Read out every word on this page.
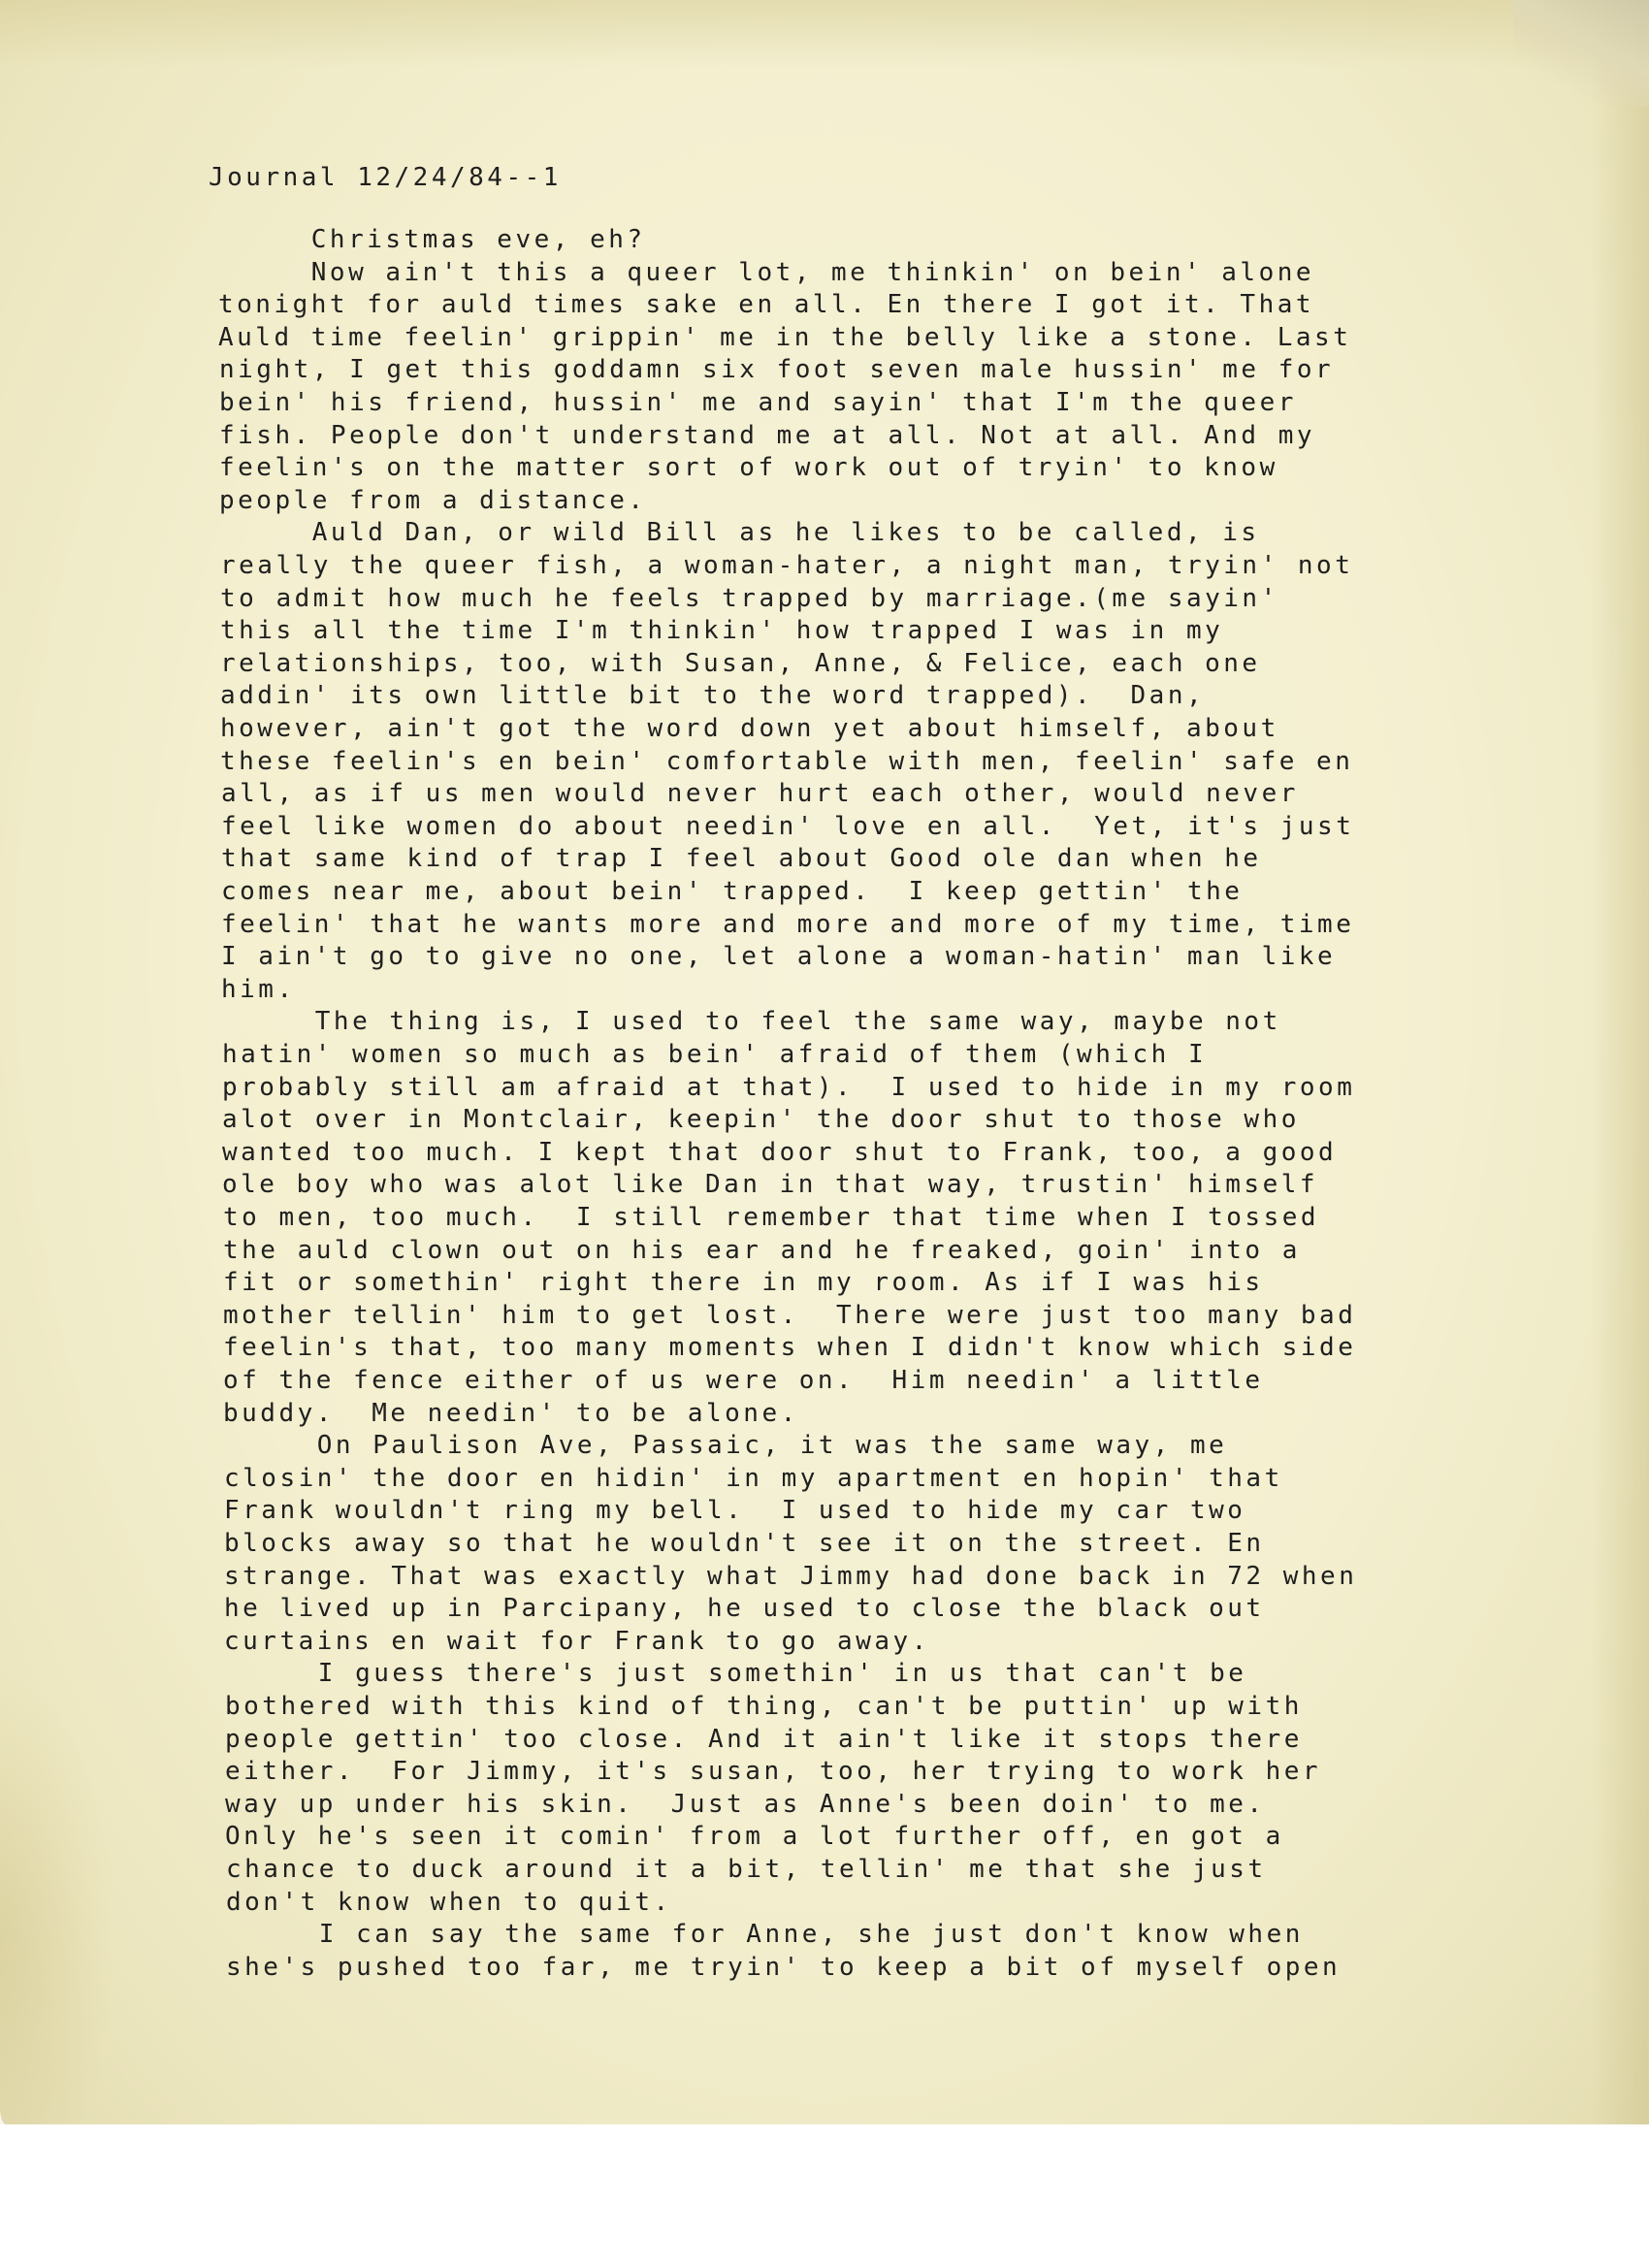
Journal 12/24/84--1
Christmas eve, eh?
Now ain't this a queer lot, me thinkin' on bein' alone
tonight for auld times sake en all. En there I got it. That
Auld time feelin' grippin' me in the belly like a stone. Last
night, I get this goddamn six foot seven male hussin' me for
bein' his friend, hussin' me and sayin' that I'm the queer
fish. People don't understand me at all. Not at all. And my
feelin's on the matter sort of work out of tryin' to know
people from a distance.
Auld Dan, or wild Bill as he likes to be called, is
really the queer fish, a woman-hater, a night man, tryin' not
to admit how much he feels trapped by marriage.(me sayin'
this all the time I'm thinkin' how trapped I was in my
relationships, too, with Susan, Anne, & Felice, each one
addin' its own little bit to the word trapped).  Dan,
however, ain't got the word down yet about himself, about
these feelin's en bein' comfortable with men, feelin' safe en
all, as if us men would never hurt each other, would never
feel like women do about needin' love en all.  Yet, it's just
that same kind of trap I feel about Good ole dan when he
comes near me, about bein' trapped.  I keep gettin' the
feelin' that he wants more and more and more of my time, time
I ain't go to give no one, let alone a woman-hatin' man like
him.
The thing is, I used to feel the same way, maybe not
hatin' women so much as bein' afraid of them (which I
probably still am afraid at that).  I used to hide in my room
alot over in Montclair, keepin' the door shut to those who
wanted too much. I kept that door shut to Frank, too, a good
ole boy who was alot like Dan in that way, trustin' himself
to men, too much.  I still remember that time when I tossed
the auld clown out on his ear and he freaked, goin' into a
fit or somethin' right there in my room. As if I was his
mother tellin' him to get lost.  There were just too many bad
feelin's that, too many moments when I didn't know which side
of the fence either of us were on.  Him needin' a little
buddy.  Me needin' to be alone.
On Paulison Ave, Passaic, it was the same way, me
closin' the door en hidin' in my apartment en hopin' that
Frank wouldn't ring my bell.  I used to hide my car two
blocks away so that he wouldn't see it on the street. En
strange. That was exactly what Jimmy had done back in 72 when
he lived up in Parcipany, he used to close the black out
curtains en wait for Frank to go away.
I guess there's just somethin' in us that can't be
bothered with this kind of thing, can't be puttin' up with
people gettin' too close. And it ain't like it stops there
either.  For Jimmy, it's susan, too, her trying to work her
way up under his skin.  Just as Anne's been doin' to me.
Only he's seen it comin' from a lot further off, en got a
chance to duck around it a bit, tellin' me that she just
don't know when to quit.
I can say the same for Anne, she just don't know when
she's pushed too far, me tryin' to keep a bit of myself open
